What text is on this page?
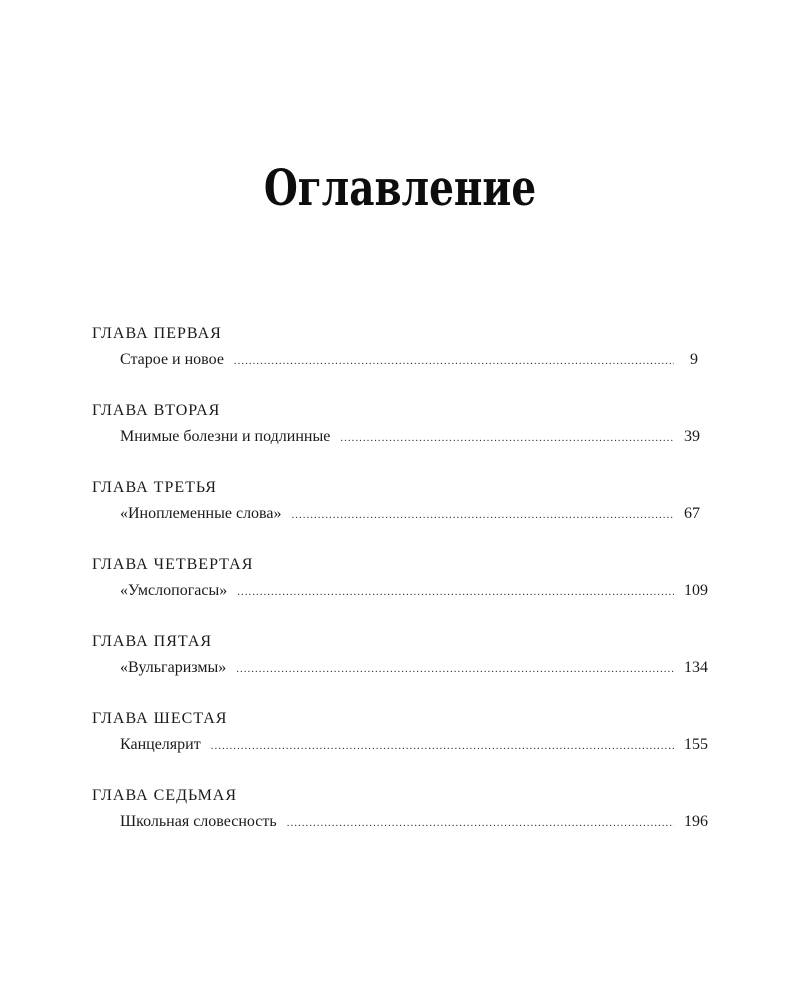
Оглавление
ГЛАВА ПЕРВАЯ
Старое и новое .....	9
ГЛАВА ВТОРАЯ
Мнимые болезни и подлинные .....	39
ГЛАВА ТРЕТЬЯ
«Иноплеменные слова» .....	67
ГЛАВА ЧЕТВЕРТАЯ
«Умслопогасы» .....	109
ГЛАВА ПЯТАЯ
«Вульгаризмы» .....	134
ГЛАВА ШЕСТАЯ
Канцелярит .....	155
ГЛАВА СЕДЬМАЯ
Школьная словесность .....	196
